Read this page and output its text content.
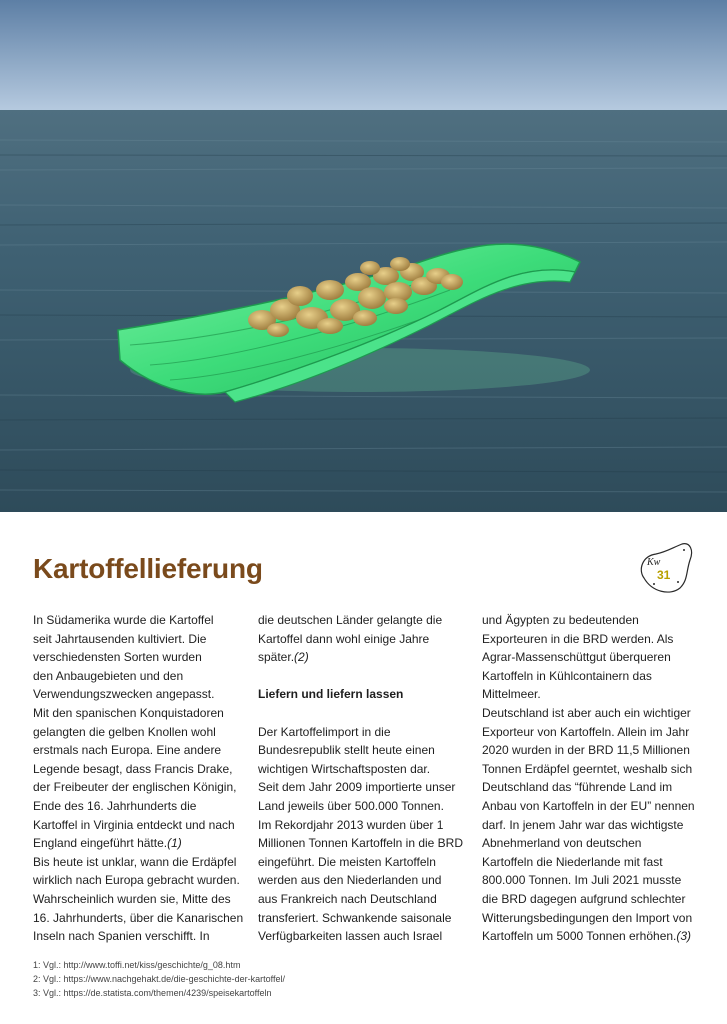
Kartoffellieferung	Kw
31
In Südamerika wurde die Kartoffel
seit Jahrtausenden kultiviert. Die
verschiedensten Sorten wurden
den Anbaugebieten und den
Verwendungszwecken angepasst.
Mit den spanischen Konquistadoren
gelangten die gelben Knollen wohl
erstmals nach Europa. Eine andere
Legende besagt, dass Francis Drake,
der Freibeuter der englischen Königin,
Ende des 16. Jahrhunderts die
Kartoffel in Virginia entdeckt und nach
England eingeführt hätte.(1)
Bis heute ist unklar, wann die Erdäpfel
wirklich nach Europa gebracht wurden.
Wahrscheinlich wurden sie, Mitte des
16. Jahrhunderts, über die Kanarischen
Inseln nach Spanien verschifft. In
die deutschen Länder gelangte die
Kartoffel dann wohl einige Jahre
später.(2)

Liefern und liefern lassen
Der Kartoffelimport in die
Bundesrepublik stellt heute einen
wichtigen Wirtschaftsposten dar.
Seit dem Jahr 2009 importierte unser
Land jeweils über 500.000 Tonnen.
Im Rekordjahr 2013 wurden über 1
Millionen Tonnen Kartoffeln in die BRD
eingeführt. Die meisten Kartoffeln
werden aus den Niederlanden und
aus Frankreich nach Deutschland
transferiert. Schwankende saisonale
Verfügbarkeiten lassen auch Israel
und Ägypten zu bedeutenden
Exporteuren in die BRD werden. Als
Agrar-Massenschüttgut überqueren
Kartoffeln in Kühlcontainern das
Mittelmeer.
Deutschland ist aber auch ein wichtiger
Exporteur von Kartoffeln. Allein im Jahr
2020 wurden in der BRD 11,5 Millionen
Tonnen Erdäpfel geerntet, weshalb sich
Deutschland das “führende Land im
Anbau von Kartoffeln in der EU” nennen
darf. In jenem Jahr war das wichtigste
Abnehmerland von deutschen
Kartoffeln die Niederlande mit fast
800.000 Tonnen. Im Juli 2021 musste
die BRD dagegen aufgrund schlechter
Witterungsbedingungen den Import von
Kartoffeln um 5000 Tonnen erhöhen.(3)
1: Vgl.: http://www.toffi.net/kiss/geschichte/g_08.htm
2: Vgl.: https://www.nachgehakt.de/die-geschichte-der-kartoffel/
3: Vgl.: https://de.statista.com/themen/4239/speisekartoffeln
